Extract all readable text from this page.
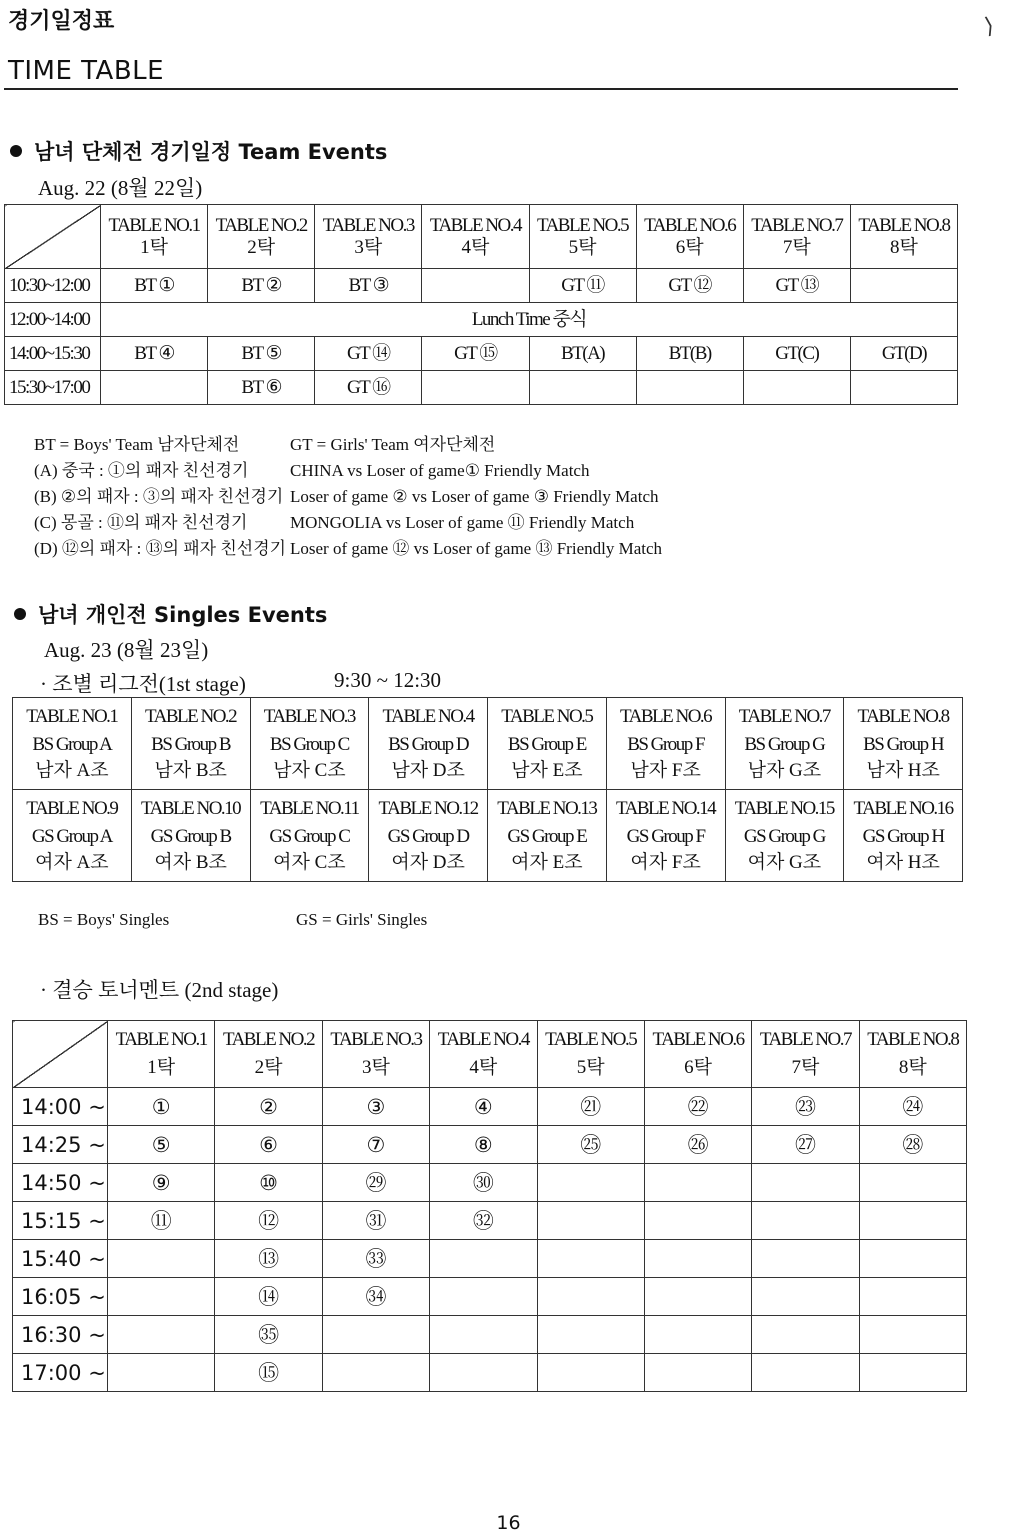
경기일정표	⟩
TIME TABLE
남녀 단체전 경기일정 Team Events
Aug. 22 (8월 22일)

	TABLE NO.1
1탁	TABLE NO.2
2탁	TABLE NO.3
3탁	TABLE NO.4
4탁	TABLE NO.5
5탁	TABLE NO.6
6탁	TABLE NO.7
7탁	TABLE NO.8
8탁

10:30~12:00	BT ①	BT ②	BT ③		GT ⑪	GT ⑫	GT ⑬	
12:00~14:00	Lunch Time 중식							
14:00~15:30	BT ④	BT ⑤	GT ⑭	GT ⑮	BT(A)	BT(B)	GT(C)	GT(D)
15:30~17:00		BT ⑥	GT ⑯					
BT = Boys' Team 남자단체전	GT = Girls' Team 여자단체전
(A) 중국 : ①의 패자 친선경기	CHINA vs Loser of game① Friendly Match
(B) ②의 패자 : ③의 패자 친선경기 Loser of game ② vs Loser of game ③ Friendly Match
(C) 몽골 : ⑪의 패자 친선경기	MONGOLIA vs Loser of game ⑪ Friendly Match
(D) ⑫의 패자 : ⑬의 패자 친선경기 Loser of game ⑫ vs Loser of game ⑬ Friendly Match
남녀 개인전 Singles Events
Aug. 23 (8월 23일)
· 조별 리그전(1st stage)	9:30 ~ 12:30
TABLE NO.1
BS Group A
남자 A조	TABLE NO.2
BS Group B
남자 B조	TABLE NO.3
BS Group C
남자 C조	TABLE NO.4
BS Group D
남자 D조	TABLE NO.5
BS Group E
남자 E조	TABLE NO.6
BS Group F
남자 F조	TABLE NO.7
BS Group G
남자 G조	TABLE NO.8
BS Group H
남자 H조

TABLE NO.9
GS Group A
여자 A조	TABLE NO.10
GS Group B
여자 B조	TABLE NO.11
GS Group C
여자 C조	TABLE NO.12
GS Group D
여자 D조	TABLE NO.13
GS Group E
여자 E조	TABLE NO.14
GS Group F
여자 F조	TABLE NO.15
GS Group G
여자 G조	TABLE NO.16
GS Group H
여자 H조
BS = Boys' Singles	GS = Girls' Singles
· 결승 토너멘트 (2nd stage)

	TABLE NO.1
1탁	TABLE NO.2
2탁	TABLE NO.3
3탁	TABLE NO.4
4탁	TABLE NO.5
5탁	TABLE NO.6
6탁	TABLE NO.7
7탁	TABLE NO.8
8탁

14:00 ~	①	②	③	④	㉑	㉒	㉓	㉔
14:25 ~	⑤	⑥	⑦	⑧	㉕	㉖	㉗	㉘
14:50 ~	⑨	⑩	㉙	㉚				
15:15 ~	⑪	⑫	㉛	㉜				
15:40 ~		⑬	㉝					
16:05 ~		⑭	㉞					
16:30 ~		㉟						
17:00 ~		⑮						
16
